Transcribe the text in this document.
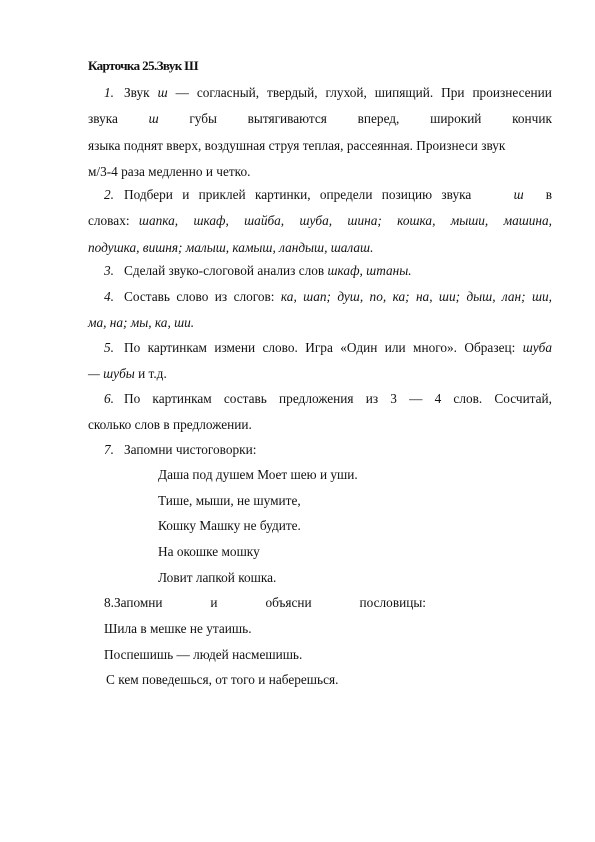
Карточка 25.Звук Ш
1. Звук ш — согласный, твердый, глухой, шипящий. При произнесении
звука ш губы вытягиваются вперед, широкий кончик
языка поднят вверх, воздушная струя теплая, рассеянная. Произнеси звук
м/3-4 раза медленно и четко.
2. Подбери и приклей картинки, определи позицию звука	ш в
словах: шапка, шкаф, шайба, шуба, шина; кошка, мыши, машина,
подушка, вишня; малыш, камыш, ландыш, шалаш.
3. Сделай звуко-слоговой анализ слов шкаф, штаны.
4. Составь слово из слогов: ка, шап; душ, по, ка; на, ши; дыш, лан; ши,
ма, на; мы, ка, ши.
5. По картинкам измени слово. Игра «Один или много». Образец: шуба
— шубы и т.д.
6. По картинкам составь предложения из 3 — 4 слов. Сосчитай,
сколько слов в предложении.
7. Запомни чистоговорки:
Даша под душем Моет шею и уши.
Тише, мыши, не шумите,
Кошку Машку не будите.
На окошке мошку
Ловит лапкой кошка.
8.Запомни	и	объясни	пословицы:
Шила в мешке не утаишь.
Поспешишь — людей насмешишь.
С кем поведешься, от того и наберешься.
